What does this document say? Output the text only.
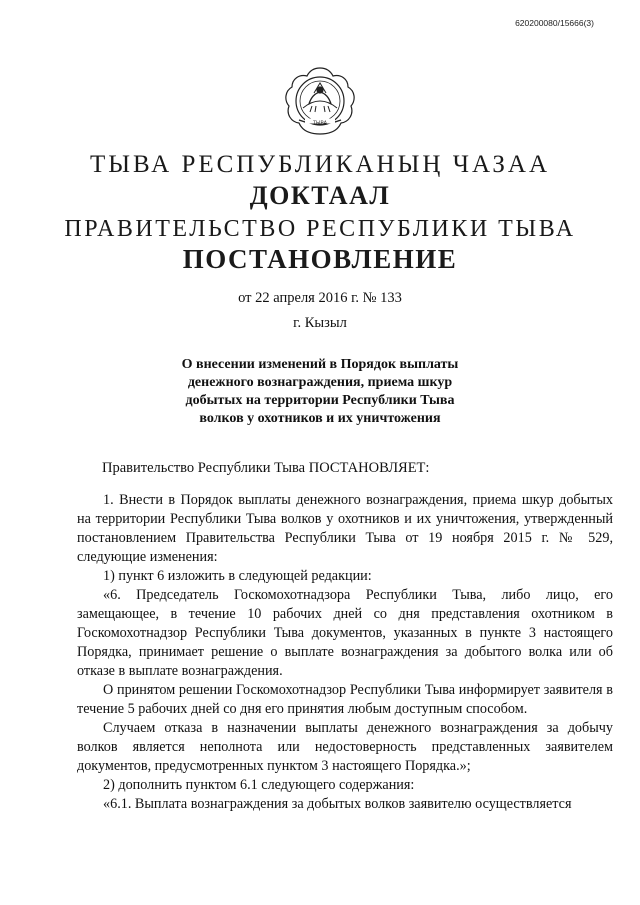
620200080/15666(3)
ТЫВА
ТЫВА РЕСПУБЛИКАНЫҢ ЧАЗАА
ДОКТААЛ
ПРАВИТЕЛЬСТВО РЕСПУБЛИКИ ТЫВА
ПОСТАНОВЛЕНИЕ
от 22 апреля 2016 г. № 133
г. Кызыл
О внесении изменений в Порядок выплаты
денежного вознаграждения, приема шкур
добытых на территории Республики Тыва
волков у охотников и их уничтожения
Правительство Республики Тыва ПОСТАНОВЛЯЕТ:

1. Внести в Порядок выплаты денежного вознаграждения, приема шкур добытых на территории Республики Тыва волков у охотников и их уничтожения, утвержденный постановлением Правительства Республики Тыва от 19 ноября 2015 г. № 529, следующие изменения:

1) пункт 6 изложить в следующей редакции:

«6. Председатель Госкомохотнадзора Республики Тыва, либо лицо, его замещающее, в течение 10 рабочих дней со дня представления охотником в Госкомохотнадзор Республики Тыва документов, указанных в пункте 3 настоящего Порядка, принимает решение о выплате вознаграждения за добытого волка или об отказе в выплате вознаграждения.

О принятом решении Госкомохотнадзор Республики Тыва информирует заявителя в течение 5 рабочих дней со дня его принятия любым доступным способом.

Случаем отказа в назначении выплаты денежного вознаграждения за добычу волков является неполнота или недостоверность представленных заявителем документов, предусмотренных пунктом 3 настоящего Порядка.»;

2) дополнить пунктом 6.1 следующего содержания:

«6.1. Выплата вознаграждения за добытых волков заявителю осуществляется
